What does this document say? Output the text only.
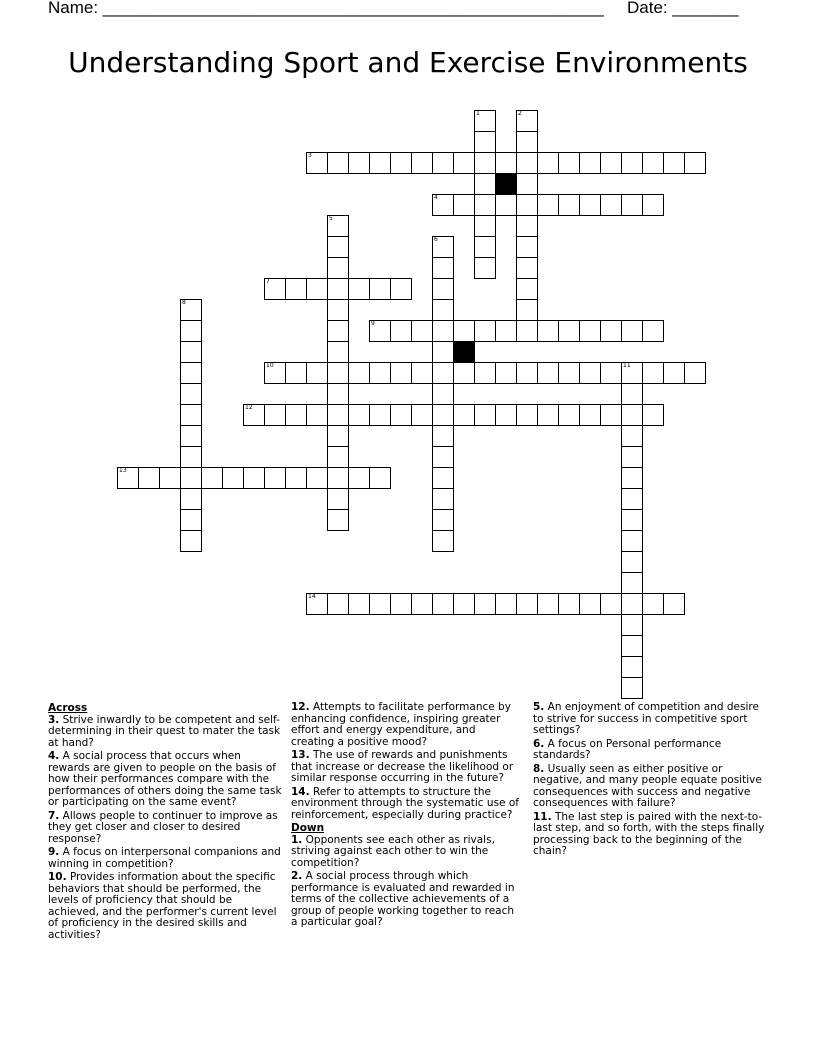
Name: _____________________________________________________ Date: _______
Understanding Sport and Exercise Environments
1	2
3
4
5
6
7
8
9
10	11
12
13
14
Across
3. Strive inwardly to be competent and self-determining in their quest to mater the task at hand?
4. A social process that occurs when rewards are given to people on the basis of how their performances compare with the performances of others doing the same task or participating on the same event?
7. Allows people to continuer to improve as they get closer and closer to desired response?
9. A focus on interpersonal companions and winning in competition?
10. Provides information about the specific behaviors that should be performed, the levels of proficiency that should be achieved, and the performer's current level of proficiency in the desired skills and activities?
12. Attempts to facilitate performance by enhancing confidence, inspiring greater effort and energy expenditure, and creating a positive mood?
13. The use of rewards and punishments that increase or decrease the likelihood or similar response occurring in the future?
14. Refer to attempts to structure the environment through the systematic use of reinforcement, especially during practice?
Down
1. Opponents see each other as rivals, striving against each other to win the competition?
2. A social process through which performance is evaluated and rewarded in terms of the collective achievements of a group of people working together to reach a particular goal?
5. An enjoyment of competition and desire to strive for success in competitive sport settings?
6. A focus on Personal performance standards?
8. Usually seen as either positive or negative, and many people equate positive consequences with success and negative consequences with failure?
11. The last step is paired with the next-to-last step, and so forth, with the steps finally processing back to the beginning of the chain?
